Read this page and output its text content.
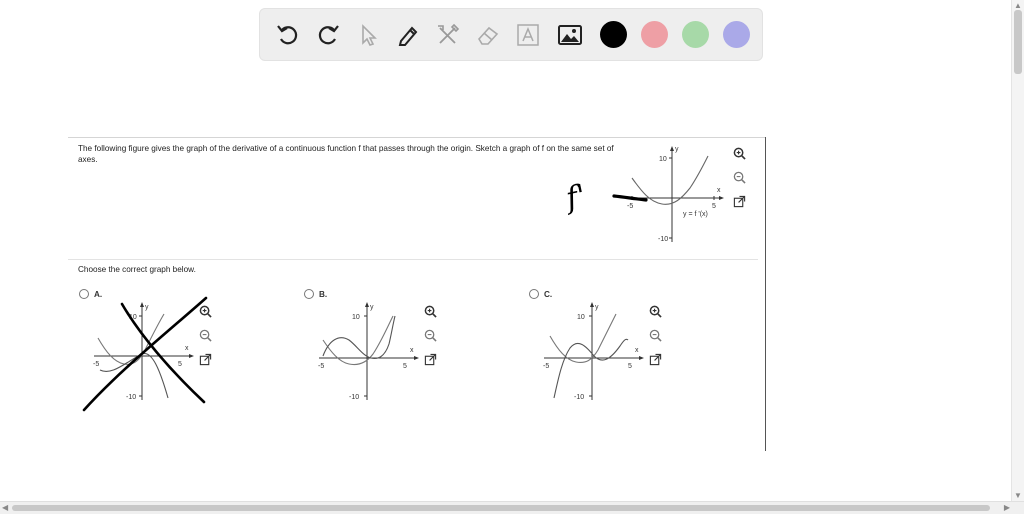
The following figure gives the graph of the derivative of a continuous function f that passes through the origin. Sketch a graph of f on the same set of axes.
y
x
10
-10
-5	5
y = f '(x)
Choose the correct graph below.
A.
y
x
10
-10
-5	5
B.
y
x
10
-10
-5	5
C.
y
x
10
-10
-5	5
f'
▲
▼
◀	▶
